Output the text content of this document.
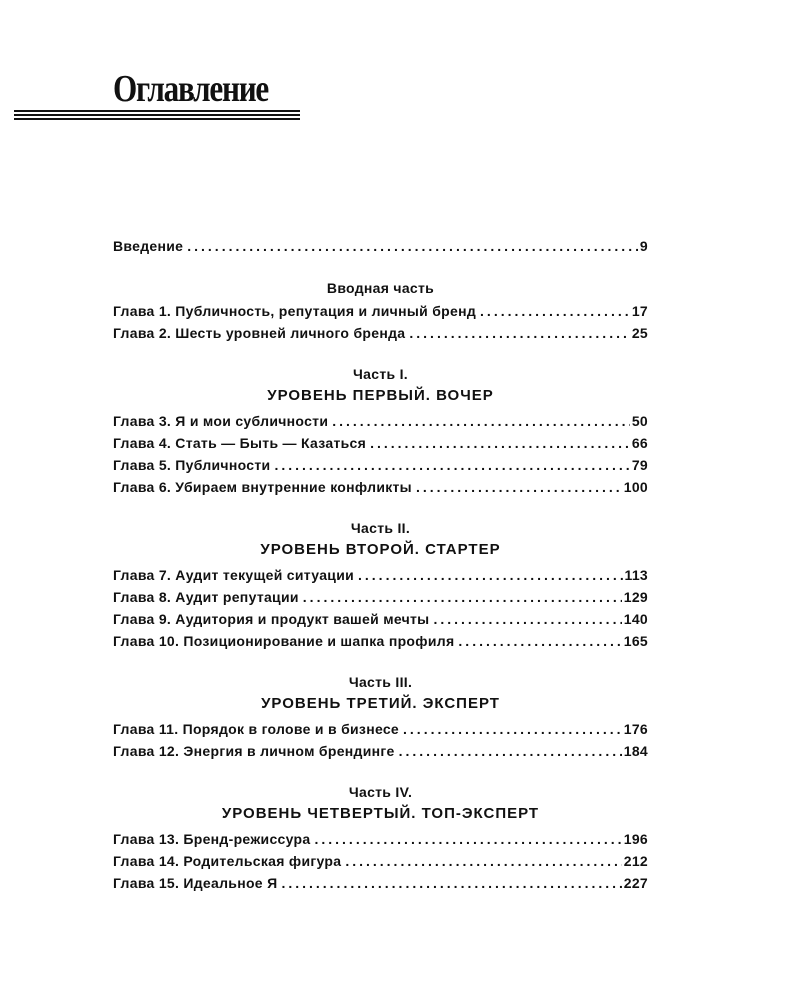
Оглавление
Введение .....	9
Вводная часть
Глава 1. Публичность, репутация и личный бренд .....	17
Глава 2. Шесть уровней личного бренда .....	25
Часть I.
УРОВЕНЬ ПЕРВЫЙ. ВОЧЕР
Глава 3. Я и мои субличности .....	50
Глава 4. Стать — Быть — Казаться .....	66
Глава 5. Публичности .....	79
Глава 6. Убираем внутренние конфликты .....	100
Часть II.
УРОВЕНЬ ВТОРОЙ. СТАРТЕР
Глава 7. Аудит текущей ситуации .....	113
Глава 8. Аудит репутации .....	129
Глава 9. Аудитория и продукт вашей мечты .....	140
Глава 10. Позиционирование и шапка профиля .....	165
Часть III.
УРОВЕНЬ ТРЕТИЙ. ЭКСПЕРТ
Глава 11. Порядок в голове и в бизнесе .....	176
Глава 12. Энергия в личном брендинге .....	184
Часть IV.
УРОВЕНЬ ЧЕТВЕРТЫЙ. ТОП-ЭКСПЕРТ
Глава 13. Бренд-режиссура .....	196
Глава 14. Родительская фигура .....	212
Глава 15. Идеальное Я .....	227
